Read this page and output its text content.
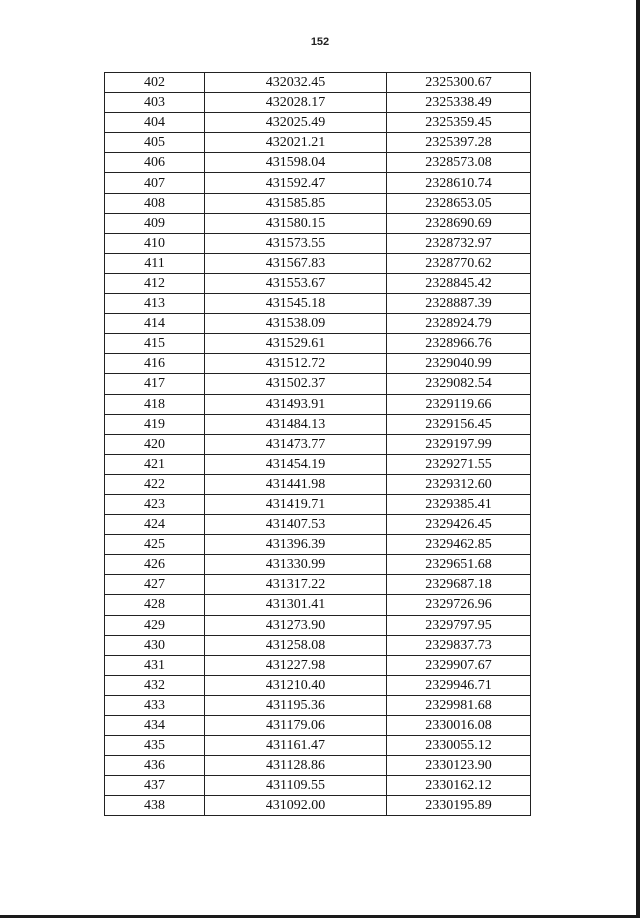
152
402	432032.45	2325300.67
403	432028.17	2325338.49
404	432025.49	2325359.45
405	432021.21	2325397.28
406	431598.04	2328573.08
407	431592.47	2328610.74
408	431585.85	2328653.05
409	431580.15	2328690.69
410	431573.55	2328732.97
411	431567.83	2328770.62
412	431553.67	2328845.42
413	431545.18	2328887.39
414	431538.09	2328924.79
415	431529.61	2328966.76
416	431512.72	2329040.99
417	431502.37	2329082.54
418	431493.91	2329119.66
419	431484.13	2329156.45
420	431473.77	2329197.99
421	431454.19	2329271.55
422	431441.98	2329312.60
423	431419.71	2329385.41
424	431407.53	2329426.45
425	431396.39	2329462.85
426	431330.99	2329651.68
427	431317.22	2329687.18
428	431301.41	2329726.96
429	431273.90	2329797.95
430	431258.08	2329837.73
431	431227.98	2329907.67
432	431210.40	2329946.71
433	431195.36	2329981.68
434	431179.06	2330016.08
435	431161.47	2330055.12
436	431128.86	2330123.90
437	431109.55	2330162.12
438	431092.00	2330195.89
